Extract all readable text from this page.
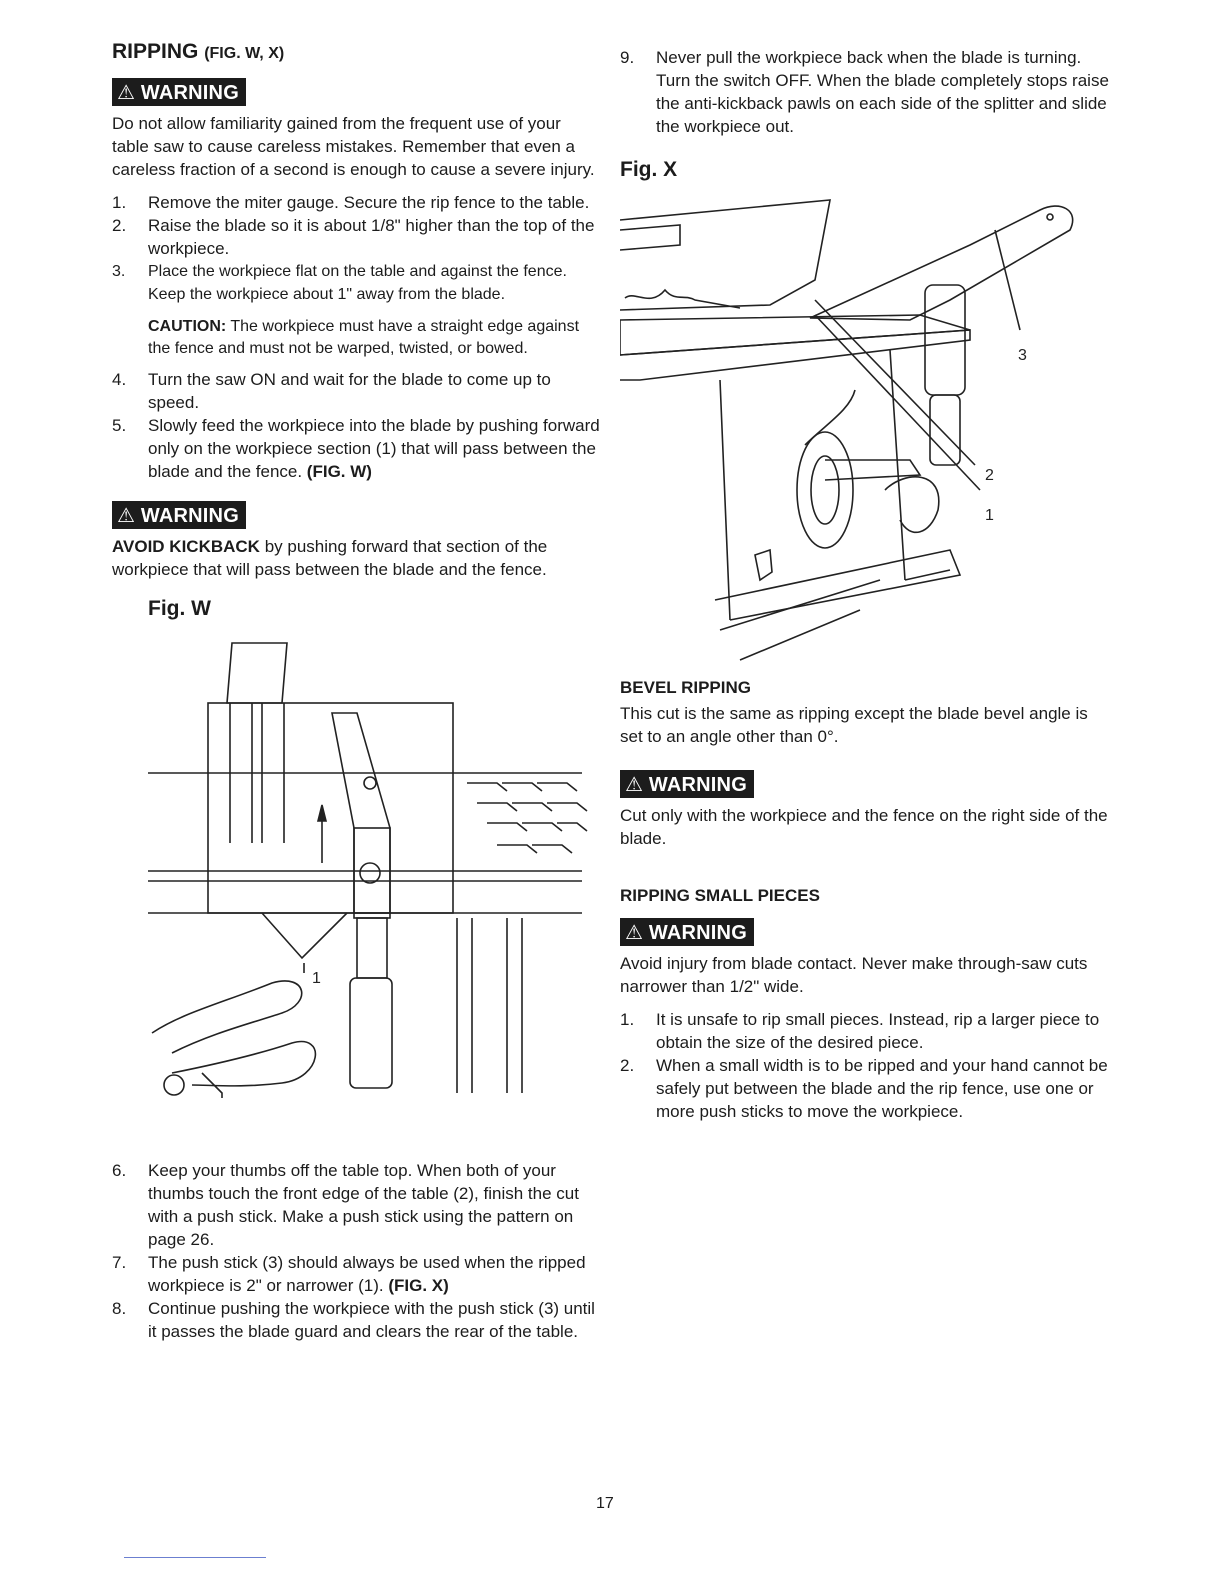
RIPPING (FIG. W, X)
⚠ WARNING

Do not allow familiarity gained from the frequent use of your table saw to cause careless mistakes. Remember that even a careless fraction of a second is enough to cause a severe injury.

1. Remove the miter gauge. Secure the rip fence to the table.
2. Raise the blade so it is about 1/8" higher than the top of the workpiece.
3. Place the workpiece flat on the table and against the fence. Keep the workpiece about 1" away from the blade.
CAUTION: The workpiece must have a straight edge against the fence and must not be warped, twisted, or bowed.
4. Turn the saw ON and wait for the blade to come up to speed.
5. Slowly feed the workpiece into the blade by pushing forward only on the workpiece section (1) that will pass between the blade and the fence. (FIG. W)
⚠ WARNING

AVOID KICKBACK by pushing forward that section of the workpiece that will pass between the blade and the fence.

Fig. W
1
6. Keep your thumbs off the table top. When both of your thumbs touch the front edge of the table (2), finish the cut with a push stick. Make a push stick using the pattern on page 26.
7. The push stick (3) should always be used when the ripped workpiece is 2" or narrower (1). (FIG. X)
8. Continue pushing the workpiece with the push stick (3) until it passes the blade guard and clears the rear of the table.
9. Never pull the workpiece back when the blade is turning. Turn the switch OFF. When the blade completely stops raise the anti-kickback pawls on each side of the splitter and slide the workpiece out.
Fig. X
3
2
1
BEVEL RIPPING

This cut is the same as ripping except the blade bevel angle is set to an angle other than 0°.

⚠ WARNING

Cut only with the workpiece and the fence on the right side of the blade.

RIPPING SMALL PIECES
⚠ WARNING

Avoid injury from blade contact. Never make through-saw cuts narrower than 1/2" wide.

1. It is unsafe to rip small pieces. Instead, rip a larger piece to obtain the size of the desired piece.
2. When a small width is to be ripped and your hand cannot be safely put between the blade and the rip fence, use one or more push sticks to move the workpiece.
17
